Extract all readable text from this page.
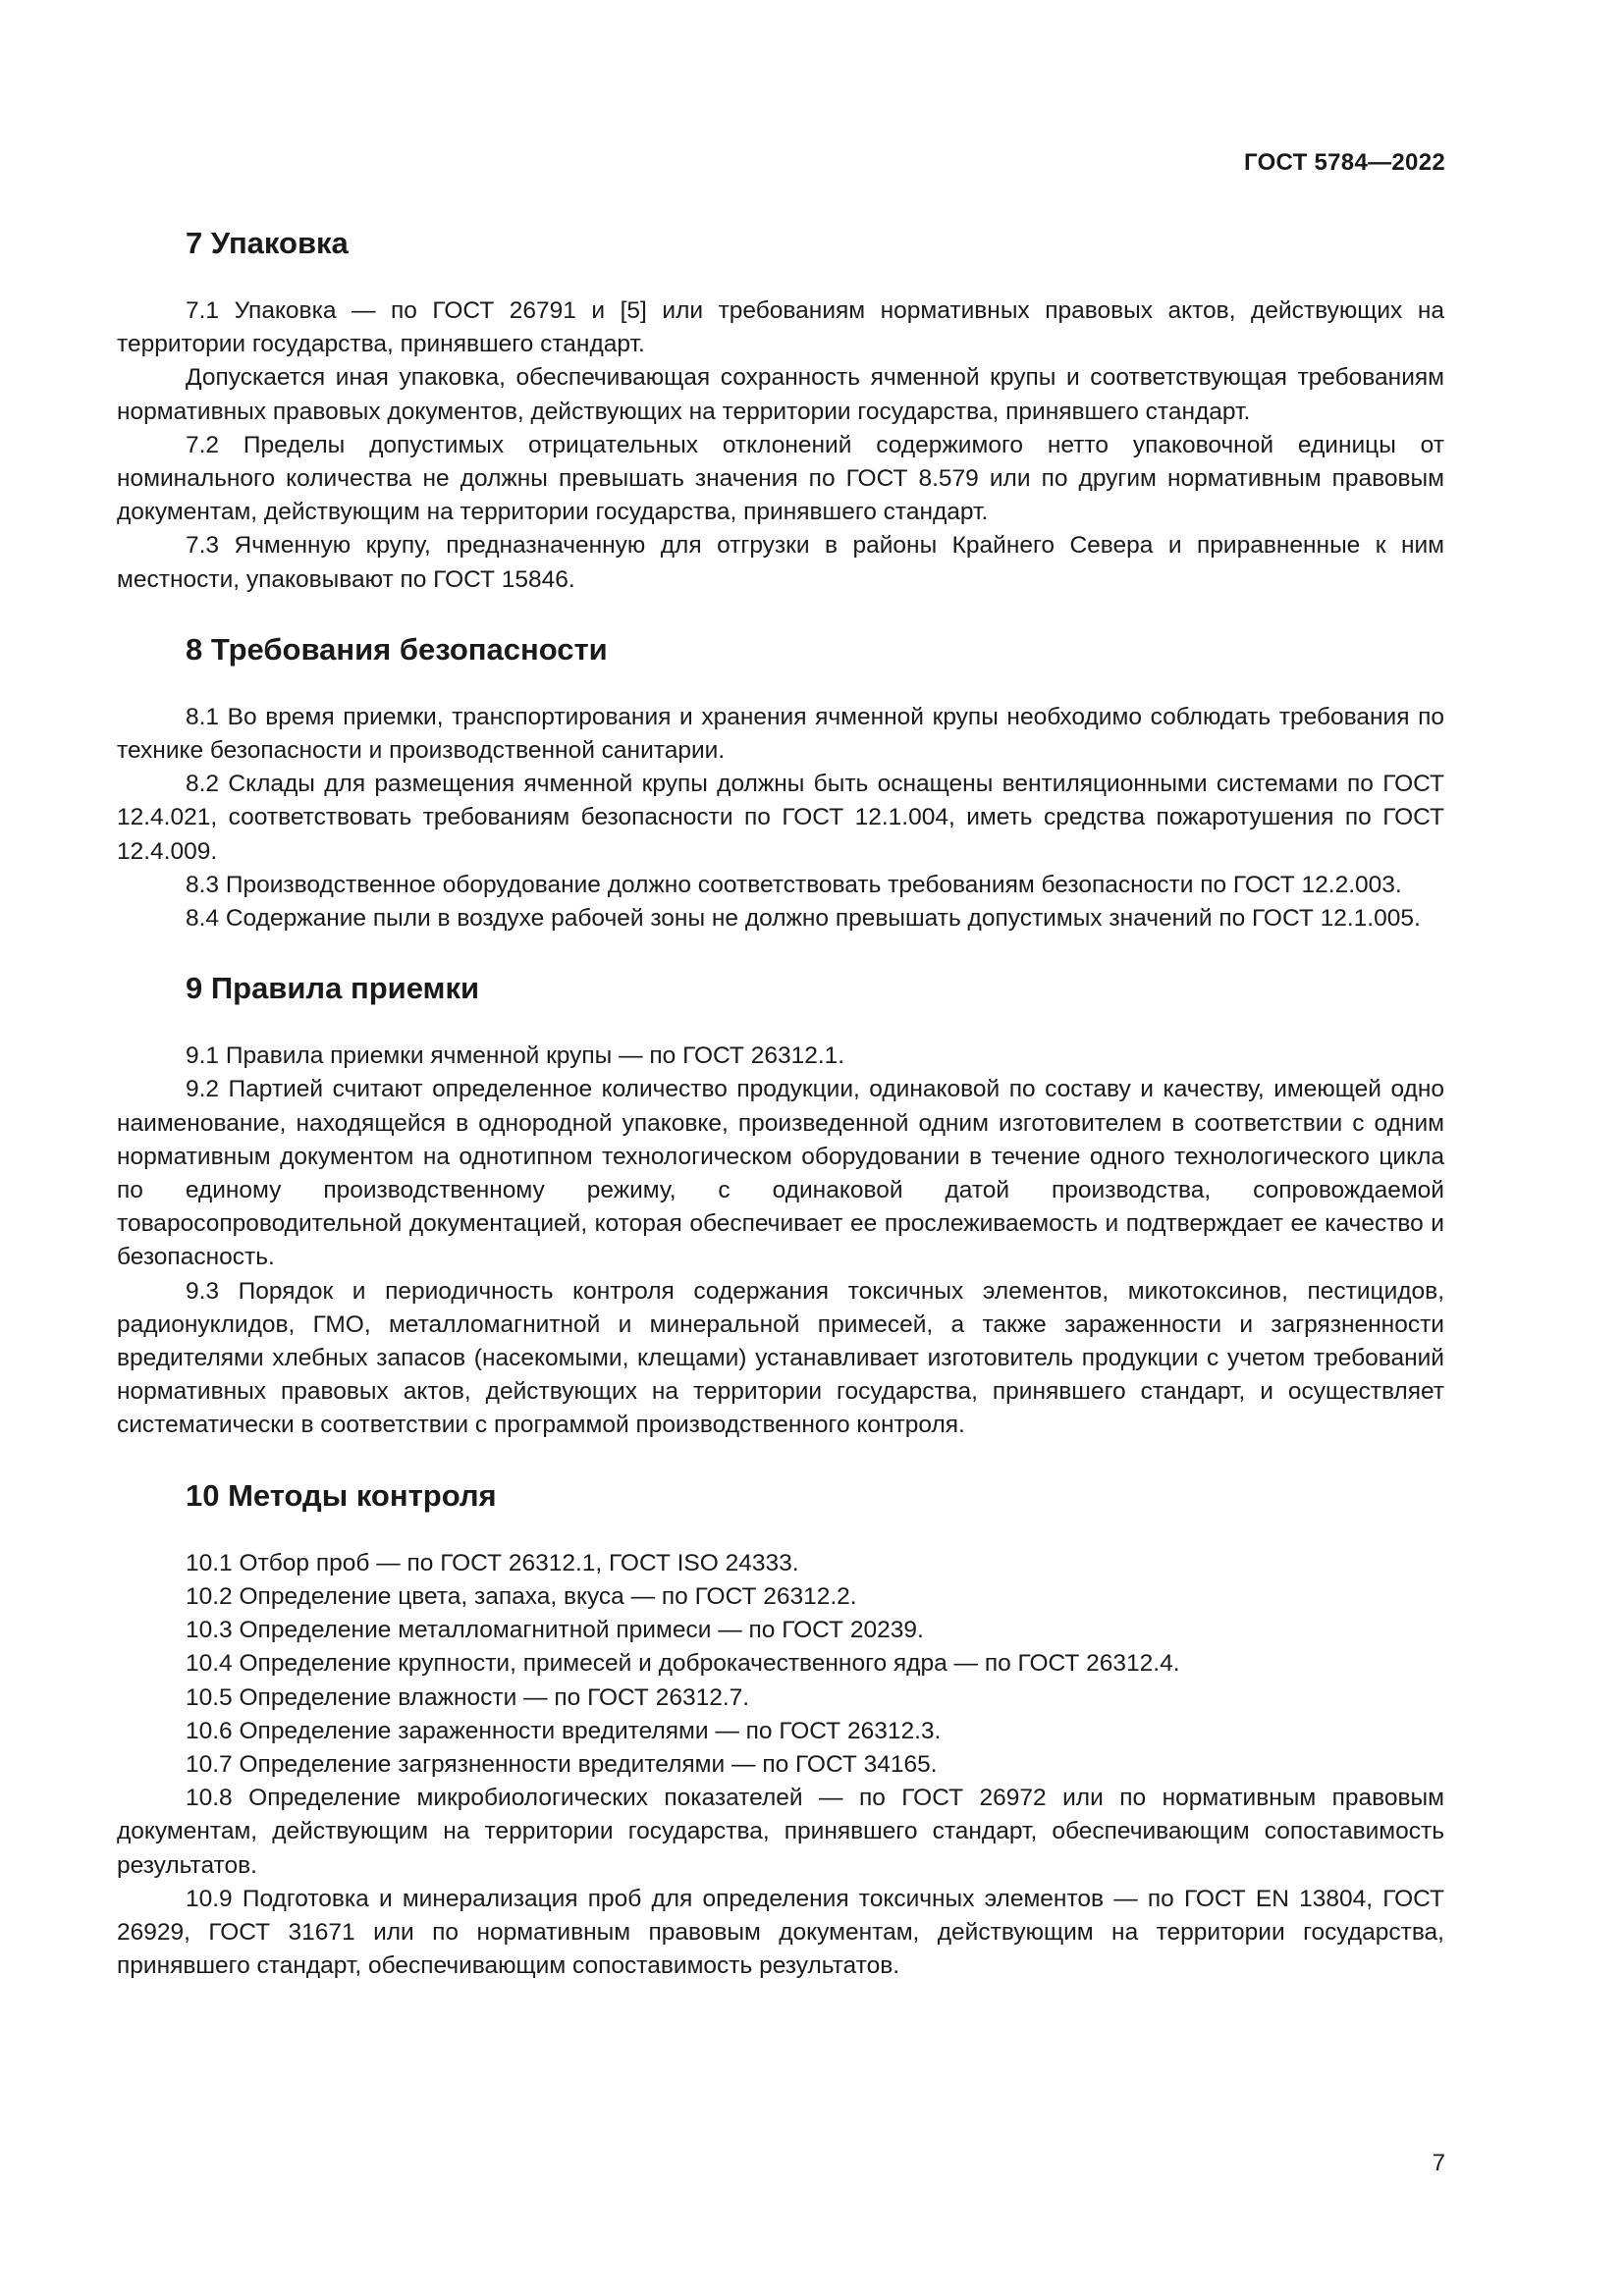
ГОСТ 5784—2022
7 Упаковка

7.1 Упаковка — по ГОСТ 26791 и [5] или требованиям нормативных правовых актов, действующих на территории государства, принявшего стандарт.

Допускается иная упаковка, обеспечивающая сохранность ячменной крупы и соответствующая требованиям нормативных правовых документов, действующих на территории государства, принявшего стандарт.

7.2 Пределы допустимых отрицательных отклонений содержимого нетто упаковочной единицы от номинального количества не должны превышать значения по ГОСТ 8.579 или по другим нормативным правовым документам, действующим на территории государства, принявшего стандарт.

7.3 Ячменную крупу, предназначенную для отгрузки в районы Крайнего Севера и приравненные к ним местности, упаковывают по ГОСТ 15846.

8 Требования безопасности

8.1 Во время приемки, транспортирования и хранения ячменной крупы необходимо соблюдать требования по технике безопасности и производственной санитарии.

8.2 Склады для размещения ячменной крупы должны быть оснащены вентиляционными системами по ГОСТ 12.4.021, соответствовать требованиям безопасности по ГОСТ 12.1.004, иметь средства пожаротушения по ГОСТ 12.4.009.

8.3 Производственное оборудование должно соответствовать требованиям безопасности по ГОСТ 12.2.003.

8.4 Содержание пыли в воздухе рабочей зоны не должно превышать допустимых значений по ГОСТ 12.1.005.

9 Правила приемки

9.1 Правила приемки ячменной крупы — по ГОСТ 26312.1.

9.2 Партией считают определенное количество продукции, одинаковой по составу и качеству, имеющей одно наименование, находящейся в однородной упаковке, произведенной одним изготовителем в соответствии с одним нормативным документом на однотипном технологическом оборудовании в течение одного технологического цикла по единому производственному режиму, с одинаковой датой производства, сопровождаемой товаросопроводительной документацией, которая обеспечивает ее прослеживаемость и подтверждает ее качество и безопасность.

9.3 Порядок и периодичность контроля содержания токсичных элементов, микотоксинов, пестицидов, радионуклидов, ГМО, металломагнитной и минеральной примесей, а также зараженности и загрязненности вредителями хлебных запасов (насекомыми, клещами) устанавливает изготовитель продукции с учетом требований нормативных правовых актов, действующих на территории государства, принявшего стандарт, и осуществляет систематически в соответствии с программой производственного контроля.

10 Методы контроля

10.1 Отбор проб — по ГОСТ 26312.1, ГОСТ ISO 24333.

10.2 Определение цвета, запаха, вкуса — по ГОСТ 26312.2.

10.3 Определение металломагнитной примеси — по ГОСТ 20239.

10.4 Определение крупности, примесей и доброкачественного ядра — по ГОСТ 26312.4.

10.5 Определение влажности — по ГОСТ 26312.7.

10.6 Определение зараженности вредителями — по ГОСТ 26312.3.

10.7 Определение загрязненности вредителями — по ГОСТ 34165.

10.8 Определение микробиологических показателей — по ГОСТ 26972 или по нормативным правовым документам, действующим на территории государства, принявшего стандарт, обеспечивающим сопоставимость результатов.

10.9 Подготовка и минерализация проб для определения токсичных элементов — по ГОСТ EN 13804, ГОСТ 26929, ГОСТ 31671 или по нормативным правовым документам, действующим на территории государства, принявшего стандарт, обеспечивающим сопоставимость результатов.

7
